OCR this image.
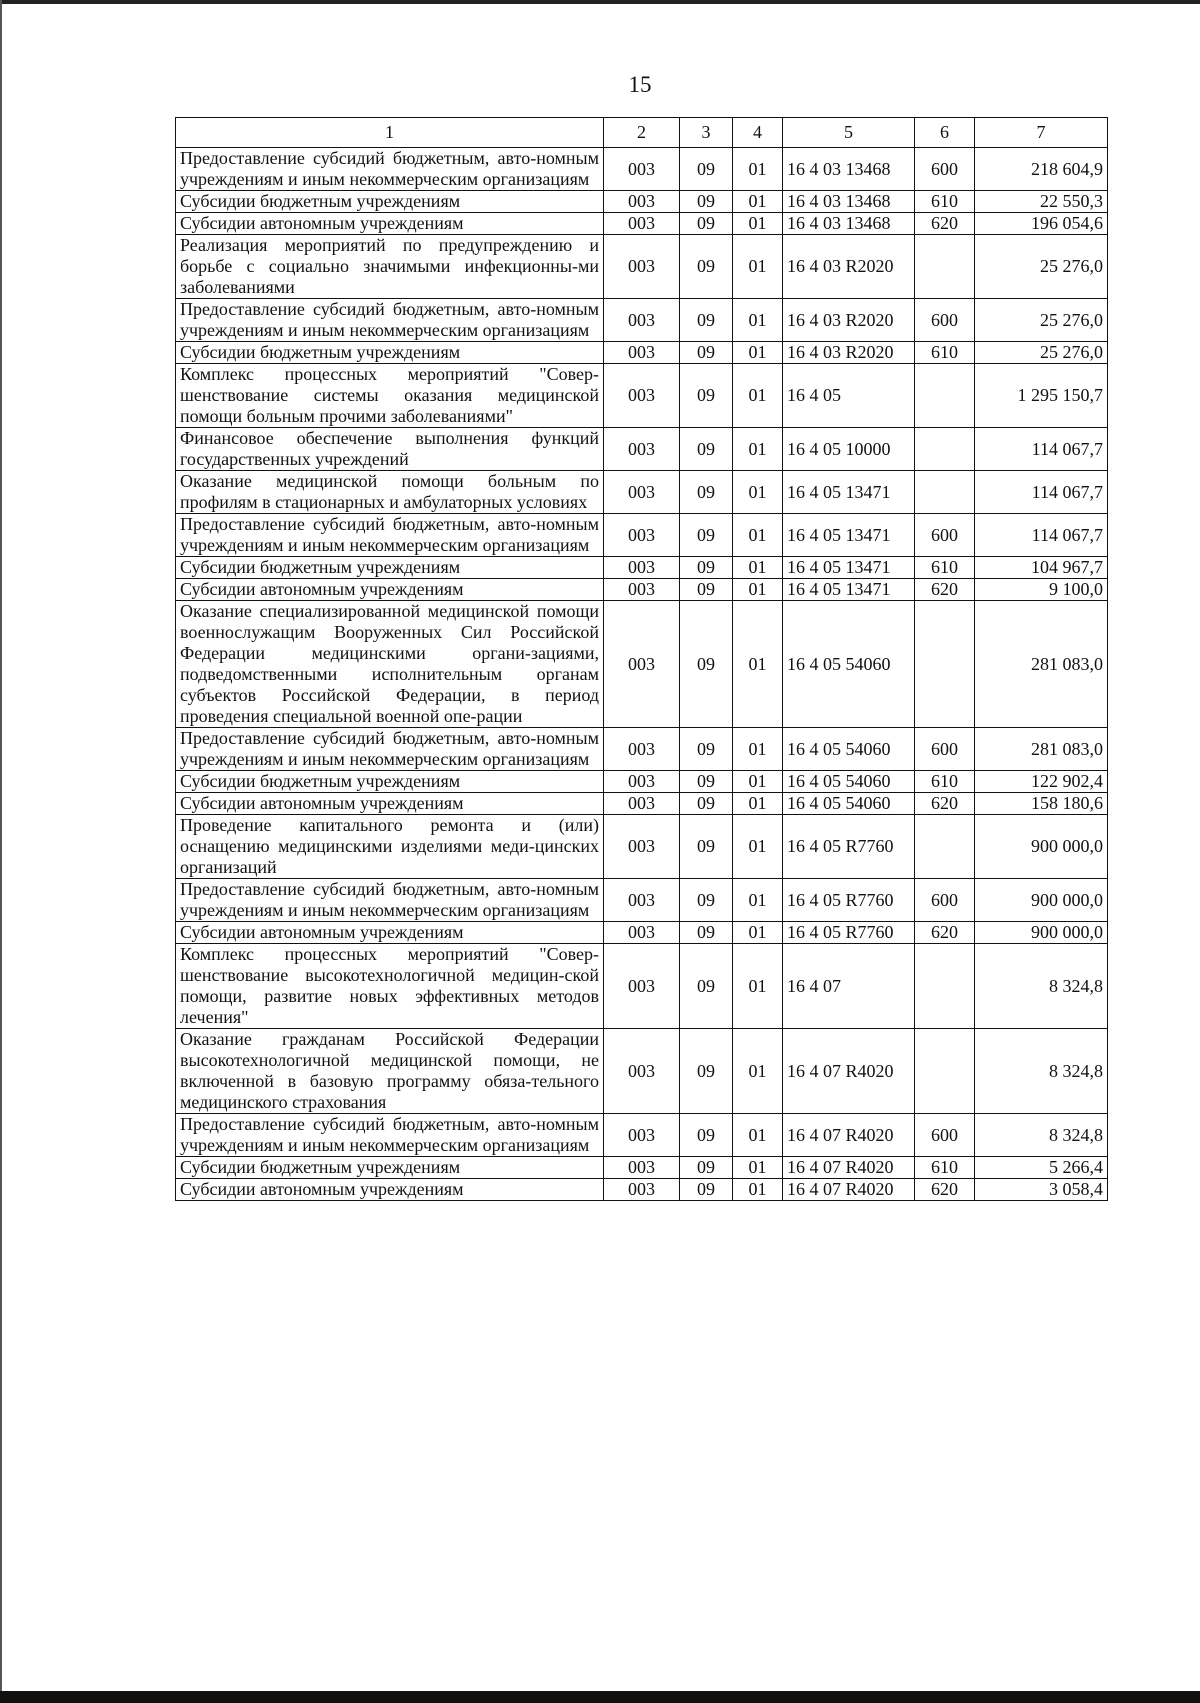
15
1	2	3	4	5	6	7
Предоставление субсидий бюджетным, авто-номным учреждениям и иным некоммерческим организациям	003	09	01	16 4 03 13468	600	218 604,9
Субсидии бюджетным учреждениям	003	09	01	16 4 03 13468	610	22 550,3
Субсидии автономным учреждениям	003	09	01	16 4 03 13468	620	196 054,6
Реализация мероприятий по предупреждению и борьбе с социально значимыми инфекционны-ми заболеваниями	003	09	01	16 4 03 R2020		25 276,0
Предоставление субсидий бюджетным, авто-номным учреждениям и иным некоммерческим организациям	003	09	01	16 4 03 R2020	600	25 276,0
Субсидии бюджетным учреждениям	003	09	01	16 4 03 R2020	610	25 276,0
Комплекс процессных мероприятий "Совер-шенствование системы оказания медицинской помощи больным прочими заболеваниями"	003	09	01	16 4 05		1 295 150,7
Финансовое обеспечение выполнения функций государственных учреждений	003	09	01	16 4 05 10000		114 067,7
Оказание медицинской помощи больным по профилям в стационарных и амбулаторных условиях	003	09	01	16 4 05 13471		114 067,7
Предоставление субсидий бюджетным, авто-номным учреждениям и иным некоммерческим организациям	003	09	01	16 4 05 13471	600	114 067,7
Субсидии бюджетным учреждениям	003	09	01	16 4 05 13471	610	104 967,7
Субсидии автономным учреждениям	003	09	01	16 4 05 13471	620	9 100,0
Оказание специализированной медицинской помощи военнослужащим Вооруженных Сил Российской Федерации медицинскими органи-зациями, подведомственными исполнительным органам субъектов Российской Федерации, в период проведения специальной военной опе-рации	003	09	01	16 4 05 54060		281 083,0
Предоставление субсидий бюджетным, авто-номным учреждениям и иным некоммерческим организациям	003	09	01	16 4 05 54060	600	281 083,0
Субсидии бюджетным учреждениям	003	09	01	16 4 05 54060	610	122 902,4
Субсидии автономным учреждениям	003	09	01	16 4 05 54060	620	158 180,6
Проведение капитального ремонта и (или) оснащению медицинскими изделиями меди-цинских организаций	003	09	01	16 4 05 R7760		900 000,0
Предоставление субсидий бюджетным, авто-номным учреждениям и иным некоммерческим организациям	003	09	01	16 4 05 R7760	600	900 000,0
Субсидии автономным учреждениям	003	09	01	16 4 05 R7760	620	900 000,0
Комплекс процессных мероприятий "Совер-шенствование высокотехнологичной медицин-ской помощи, развитие новых эффективных методов лечения"	003	09	01	16 4 07		8 324,8
Оказание гражданам Российской Федерации высокотехнологичной медицинской помощи, не включенной в базовую программу обяза-тельного медицинского страхования	003	09	01	16 4 07 R4020		8 324,8
Предоставление субсидий бюджетным, авто-номным учреждениям и иным некоммерческим организациям	003	09	01	16 4 07 R4020	600	8 324,8
Субсидии бюджетным учреждениям	003	09	01	16 4 07 R4020	610	5 266,4
Субсидии автономным учреждениям	003	09	01	16 4 07 R4020	620	3 058,4
